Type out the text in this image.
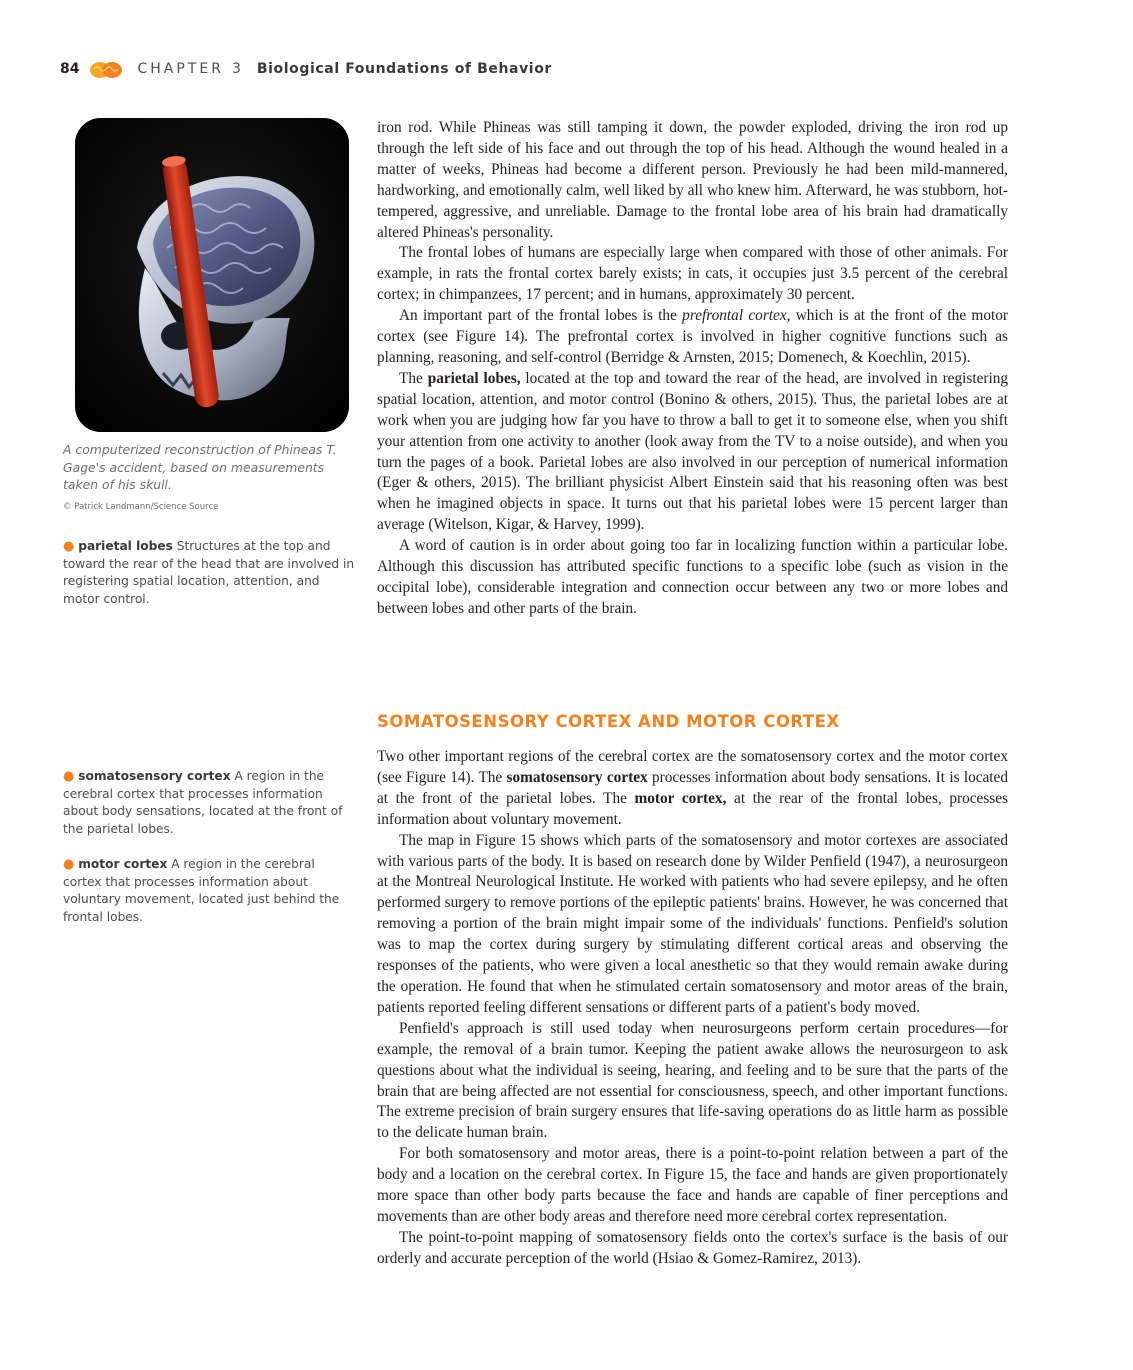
84	CHAPTER 3 Biological Foundations of Behavior
A computerized reconstruction of Phineas T. Gage's accident, based on measurements taken of his skull.
© Patrick Landmann/Science Source
● parietal lobes Structures at the top and toward the rear of the head that are involved in registering spatial location, attention, and motor control.
● somatosensory cortex A region in the cerebral cortex that processes information about body sensations, located at the front of the parietal lobes.
● motor cortex A region in the cerebral cortex that processes information about voluntary movement, located just behind the frontal lobes.

iron rod. While Phineas was still tamping it down, the powder exploded, driving the iron rod up through the left side of his face and out through the top of his head. Although the wound healed in a matter of weeks, Phineas had become a different person. Previously he had been mild-mannered, hardworking, and emotionally calm, well liked by all who knew him. Afterward, he was stubborn, hot-tempered, aggressive, and unreliable. Damage to the frontal lobe area of his brain had dramatically altered Phineas's personality.

The frontal lobes of humans are especially large when compared with those of other animals. For example, in rats the frontal cortex barely exists; in cats, it occupies just 3.5 percent of the cerebral cortex; in chimpanzees, 17 percent; and in humans, approximately 30 percent.

An important part of the frontal lobes is the prefrontal cortex, which is at the front of the motor cortex (see Figure 14). The prefrontal cortex is involved in higher cognitive functions such as planning, reasoning, and self-control (Berridge & Arnsten, 2015; Domenech, & Koechlin, 2015).

The parietal lobes, located at the top and toward the rear of the head, are involved in registering spatial location, attention, and motor control (Bonino & others, 2015). Thus, the parietal lobes are at work when you are judging how far you have to throw a ball to get it to someone else, when you shift your attention from one activity to another (look away from the TV to a noise outside), and when you turn the pages of a book. Parietal lobes are also involved in our perception of numerical information (Eger & others, 2015). The brilliant physicist Albert Einstein said that his reasoning often was best when he imagined objects in space. It turns out that his parietal lobes were 15 percent larger than average (Witelson, Kigar, & Harvey, 1999).

A word of caution is in order about going too far in localizing function within a particular lobe. Although this discussion has attributed specific functions to a specific lobe (such as vision in the occipital lobe), considerable integration and connection occur between any two or more lobes and between lobes and other parts of the brain.

SOMATOSENSORY CORTEX AND MOTOR CORTEX

Two other important regions of the cerebral cortex are the somatosensory cortex and the motor cortex (see Figure 14). The somatosensory cortex processes information about body sensations. It is located at the front of the parietal lobes. The motor cortex, at the rear of the frontal lobes, processes information about voluntary movement.

The map in Figure 15 shows which parts of the somatosensory and motor cortexes are associated with various parts of the body. It is based on research done by Wilder Penfield (1947), a neurosurgeon at the Montreal Neurological Institute. He worked with patients who had severe epilepsy, and he often performed surgery to remove portions of the epileptic patients' brains. However, he was concerned that removing a portion of the brain might impair some of the individuals' functions. Penfield's solution was to map the cortex during surgery by stimulating different cortical areas and observing the responses of the patients, who were given a local anesthetic so that they would remain awake during the operation. He found that when he stimulated certain somatosensory and motor areas of the brain, patients reported feeling different sensations or different parts of a patient's body moved.

Penfield's approach is still used today when neurosurgeons perform certain procedures—for example, the removal of a brain tumor. Keeping the patient awake allows the neurosurgeon to ask questions about what the individual is seeing, hearing, and feeling and to be sure that the parts of the brain that are being affected are not essential for consciousness, speech, and other important functions. The extreme precision of brain surgery ensures that life-saving operations do as little harm as possible to the delicate human brain.

For both somatosensory and motor areas, there is a point-to-point relation between a part of the body and a location on the cerebral cortex. In Figure 15, the face and hands are given proportionately more space than other body parts because the face and hands are capable of finer perceptions and movements than are other body areas and therefore need more cerebral cortex representation.

The point-to-point mapping of somatosensory fields onto the cortex's surface is the basis of our orderly and accurate perception of the world (Hsiao & Gomez-Ramirez, 2013).
